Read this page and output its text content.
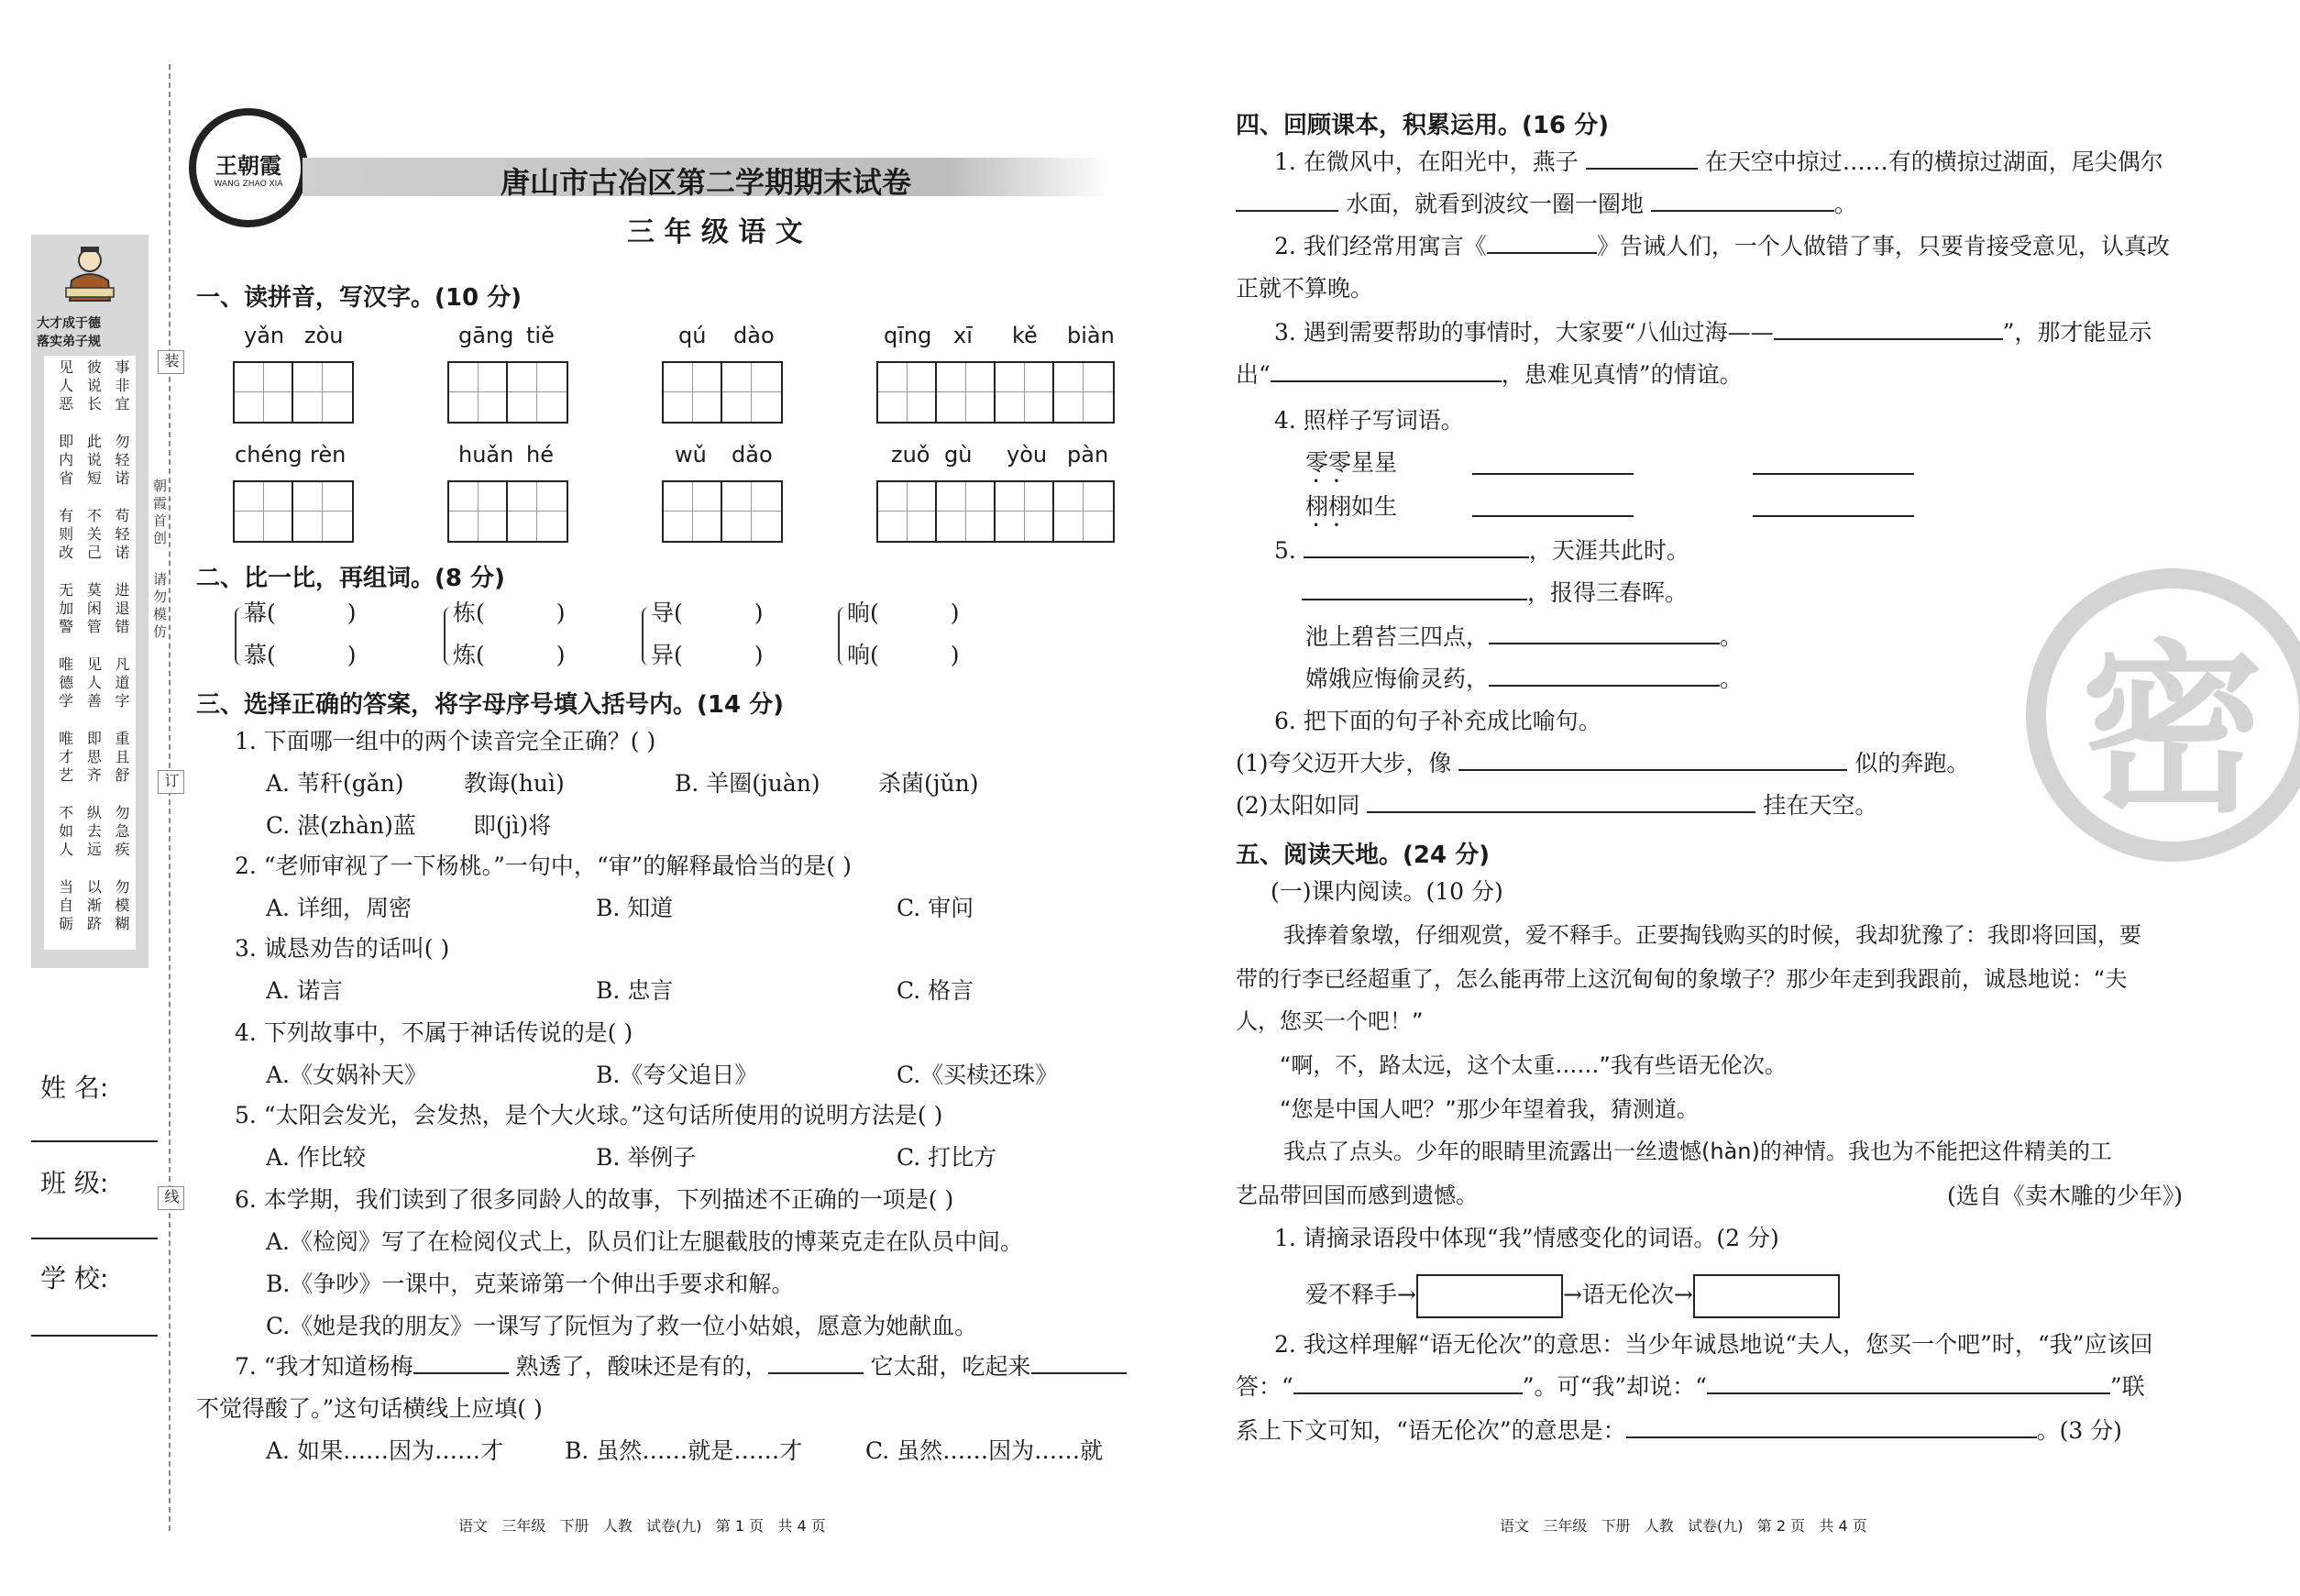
装
订
线
朝霞首创
请勿模仿
大才成于德
落实弟子规
见人恶 彼说长 事非宜
即内省 此说短 勿轻诺
有则改 不关己 苟轻诺
无加警 莫闲管 进退错
唯德学 见人善 凡道字
唯才艺 即思齐 重且舒
不如人 纵去远 勿急疾
当自砺 以渐跻 勿模糊
姓 名:
班 级:
学 校:
王朝霞
WANG ZHAO XIA	唐山市古冶区第二学期期末试卷
三 年 级 语 文
一、读拼音，写汉字。(10 分)
yǎn zòu	gāng tiě	qú dào	qīng xī kě biàn
chéng rèn	huǎn hé	wǔ dǎo	zuǒ gù yòu pàn
二、比一比，再组词。(8 分)
幕(	)
慕(	)
栋(	)
炼(	)
导(	)
异(	)
晌(	)
响(	)
三、选择正确的答案，将字母序号填入括号内。(14 分)
1. 下面哪一组中的两个读音完全正确？( )
A. 苇秆(gǎn)	教诲(huì)	B. 羊圈(juàn)	杀菌(jǔn)
C. 湛(zhàn)蓝 即(jì)将
2. “老师审视了一下杨桃。”一句中，“审”的解释最恰当的是( )
A. 详细，周密	B. 知道	C. 审问
3. 诚恳劝告的话叫( )
A. 诺言	B. 忠言	C. 格言
4. 下列故事中，不属于神话传说的是( )
A.《女娲补天》	B.《夸父追日》	C.《买椟还珠》
5. “太阳会发光，会发热，是个大火球。”这句话所使用的说明方法是( )
A. 作比较	B. 举例子	C. 打比方
6. 本学期，我们读到了很多同龄人的故事，下列描述不正确的一项是( )
A.《检阅》写了在检阅仪式上，队员们让左腿截肢的博莱克走在队员中间。
B.《争吵》一课中，克莱谛第一个伸出手要求和解。
C.《她是我的朋友》一课写了阮恒为了救一位小姑娘，愿意为她献血。
7. “我才知道杨梅	熟透了，酸味还是有的，	它太甜，吃起来
不觉得酸了。”这句话横线上应填( )
A. 如果……因为……才	B. 虽然……就是……才	C. 虽然……因为……就
语文   三年级   下册   人教   试卷(九)   第 1 页   共 4 页
密
四、回顾课本，积累运用。(16 分)
1. 在微风中，在阳光中，燕子	在天空中掠过……有的横掠过湖面，尾尖偶尔
水面，就看到波纹一圈一圈地	。
2. 我们经常用寓言《	》告诫人们，一个人做错了事，只要肯接受意见，认真改
正就不算晚。
3. 遇到需要帮助的事情时，大家要“八仙过海——	”，那才能显示
出“	，患难见真情”的情谊。
4. 照样子写词语。
零零星星
•    •
栩栩如生
•    •
5.	，天涯共此时。
，报得三春晖。
池上碧苔三四点，	。
嫦娥应悔偷灵药，	。
6. 把下面的句子补充成比喻句。
(1)夸父迈开大步，像	似的奔跑。
(2)太阳如同	挂在天空。
五、阅读天地。(24 分)
(一)课内阅读。(10 分)
我捧着象墩，仔细观赏，爱不释手。正要掏钱购买的时候，我却犹豫了：我即将回国，要
带的行李已经超重了，怎么能再带上这沉甸甸的象墩子？那少年走到我跟前，诚恳地说：“夫
人，您买一个吧！”
“啊，不，路太远，这个太重……”我有些语无伦次。
“您是中国人吧？”那少年望着我，猜测道。
我点了点头。少年的眼睛里流露出一丝遗憾(hàn)的神情。我也为不能把这件精美的工
艺品带回国而感到遗憾。	(选自《卖木雕的少年》)
1. 请摘录语段中体现“我”情感变化的词语。(2 分)
爱不释手→	→语无伦次→
2. 我这样理解“语无伦次”的意思：当少年诚恳地说“夫人，您买一个吧”时，“我”应该回
答：“	”。可“我”却说：“	”联
系上下文可知，“语无伦次”的意思是：	。(3 分)
语文   三年级   下册   人教   试卷(九)   第 2 页   共 4 页
